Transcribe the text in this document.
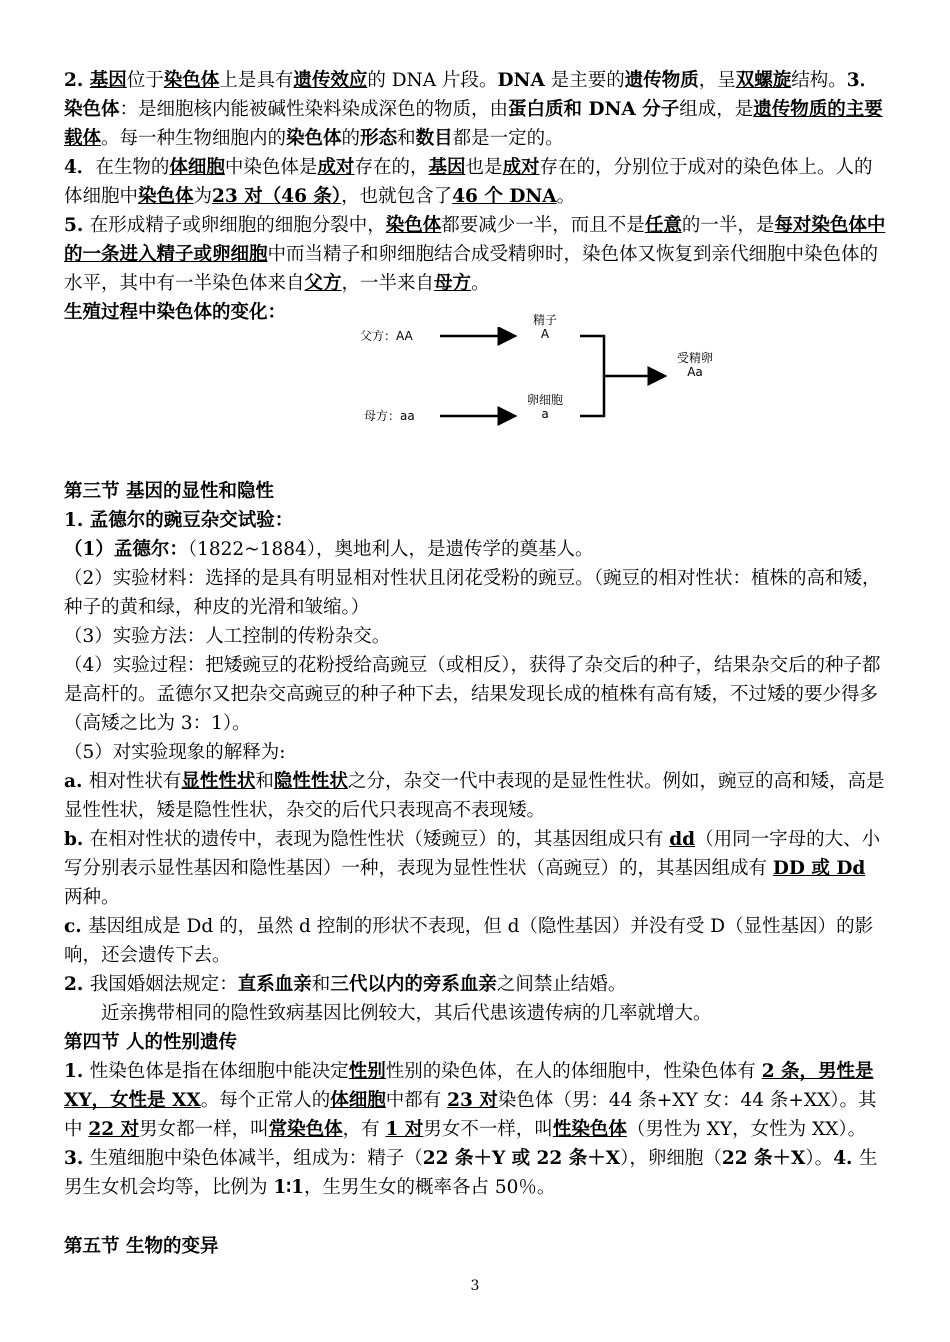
2. 基因位于染色体上是具有遗传效应的 DNA 片段。DNA 是主要的遗传物质，呈双螺旋结构。3．染色体：是细胞核内能被碱性染料染成深色的物质，由蛋白质和 DNA 分子组成，是遗传物质的主要载体。每一种生物细胞内的染色体的形态和数目都是一定的。

4．在生物的体细胞中染色体是成对存在的，基因也是成对存在的，分别位于成对的染色体上。人的体细胞中染色体为23 对（46 条），也就包含了46 个 DNA。

5. 在形成精子或卵细胞的细胞分裂中，染色体都要减少一半，而且不是任意的一半，是每对染色体中的一条进入精子或卵细胞中而当精子和卵细胞结合成受精卵时，染色体又恢复到亲代细胞中染色体的水平，其中有一半染色体来自父方，一半来自母方。

生殖过程中染色体的变化：

父方：AA
母方：aa
精子
A
卵细胞
a
受精卵
Aa

第三节 基因的显性和隐性

1. 孟德尔的豌豆杂交试验：

（1）孟德尔：（1822~1884），奥地利人，是遗传学的奠基人。

（2）实验材料：选择的是具有明显相对性状且闭花受粉的豌豆。（豌豆的相对性状：植株的高和矮，种子的黄和绿，种皮的光滑和皱缩。）

（3）实验方法：人工控制的传粉杂交。

（4）实验过程：把矮豌豆的花粉授给高豌豆（或相反），获得了杂交后的种子，结果杂交后的种子都是高杆的。孟德尔又把杂交高豌豆的种子种下去，结果发现长成的植株有高有矮，不过矮的要少得多（高矮之比为 3：1）。

（5）对实验现象的解释为:

a. 相对性状有显性性状和隐性性状之分，杂交一代中表现的是显性性状。例如，豌豆的高和矮，高是显性性状，矮是隐性性状，杂交的后代只表现高不表现矮。

b. 在相对性状的遗传中，表现为隐性性状（矮豌豆）的，其基因组成只有 dd（用同一字母的大、小写分别表示显性基因和隐性基因）一种，表现为显性性状（高豌豆）的，其基因组成有 DD 或 Dd 两种。

c. 基因组成是 Dd 的，虽然 d 控制的形状不表现，但 d（隐性基因）并没有受 D（显性基因）的影响，还会遗传下去。

2. 我国婚姻法规定：直系血亲和三代以内的旁系血亲之间禁止结婚。

近亲携带相同的隐性致病基因比例较大，其后代患该遗传病的几率就增大。

第四节 人的性别遗传

1. 性染色体是指在体细胞中能决定性别性别的染色体，在人的体细胞中，性染色体有 2 条，男性是 XY，女性是 XX。每个正常人的体细胞中都有 23 对染色体（男：44 条+XY 女：44 条+XX）。其中 22 对男女都一样，叫常染色体，有 1 对男女不一样，叫性染色体（男性为 XY，女性为 XX）。

3. 生殖细胞中染色体减半，组成为：精子（22 条＋Y 或 22 条＋X），卵细胞（22 条＋X）。4. 生男生女机会均等，比例为 1∶1，生男生女的概率各占 50％。

第五节 生物的变异

3
